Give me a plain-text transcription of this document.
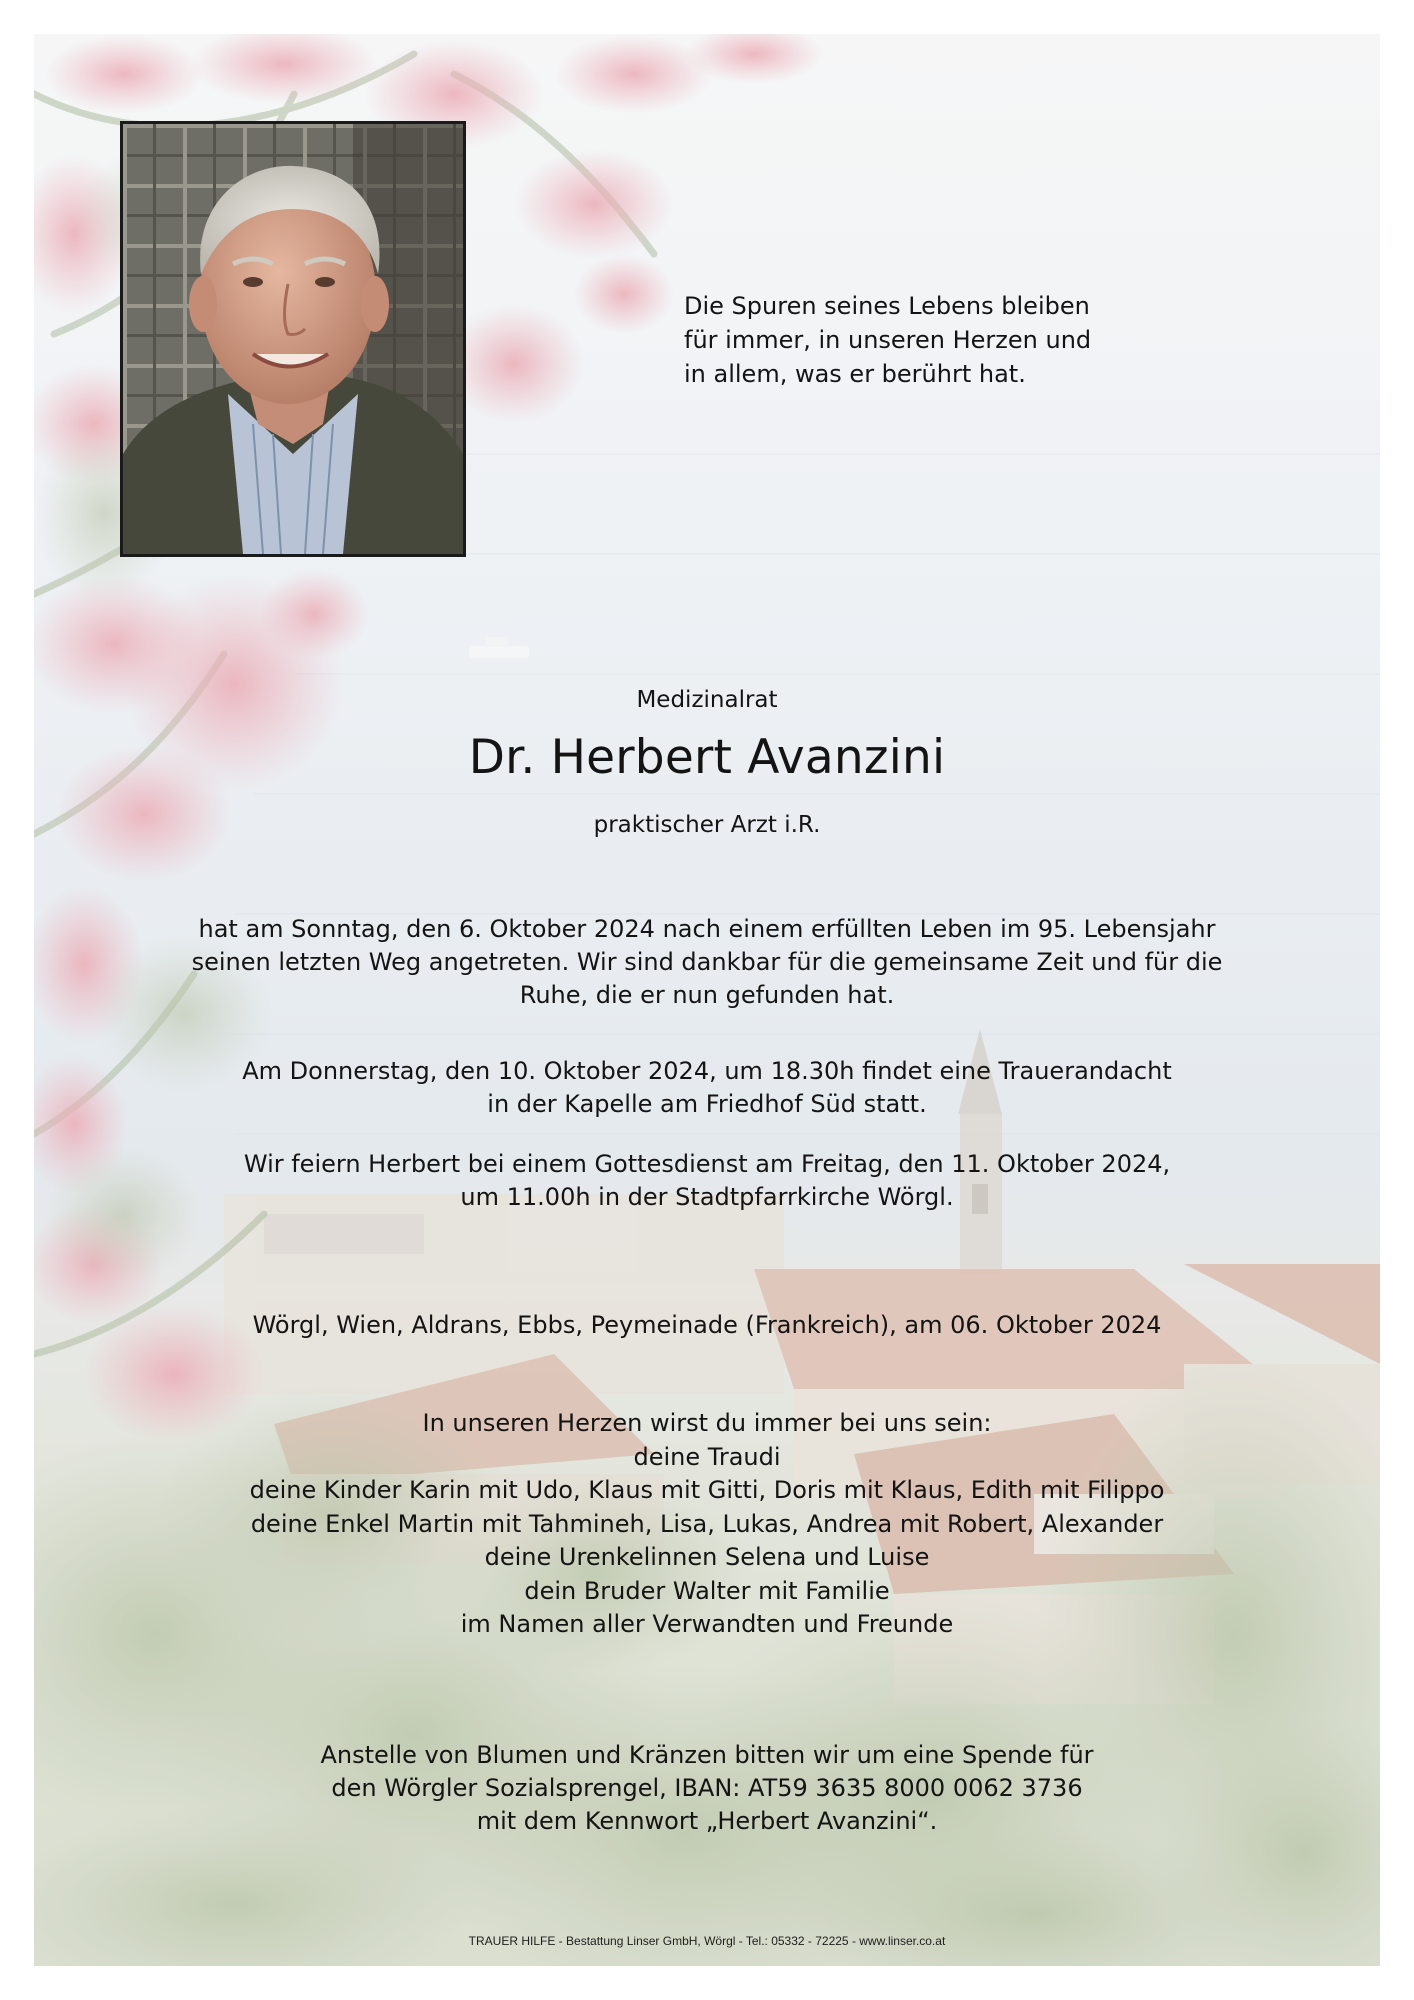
Die Spuren seines Lebens bleiben
für immer, in unseren Herzen und
in allem, was er berührt hat.
Medizinalrat
Dr. Herbert Avanzini
praktischer Arzt i.R.
hat am Sonntag, den 6. Oktober 2024 nach einem erfüllten Leben im 95. Lebensjahr
seinen letzten Weg angetreten. Wir sind dankbar für die gemeinsame Zeit und für die
Ruhe, die er nun gefunden hat.
Am Donnerstag, den 10. Oktober 2024, um 18.30h findet eine Trauerandacht
in der Kapelle am Friedhof Süd statt.
Wir feiern Herbert bei einem Gottesdienst am Freitag, den 11. Oktober 2024,
um 11.00h in der Stadtpfarrkirche Wörgl.
Wörgl, Wien, Aldrans, Ebbs, Peymeinade (Frankreich), am 06. Oktober 2024
In unseren Herzen wirst du immer bei uns sein:
deine Traudi
deine Kinder Karin mit Udo, Klaus mit Gitti, Doris mit Klaus, Edith mit Filippo
deine Enkel Martin mit Tahmineh, Lisa, Lukas, Andrea mit Robert, Alexander
deine Urenkelinnen Selena und Luise
dein Bruder Walter mit Familie
im Namen aller Verwandten und Freunde
Anstelle von Blumen und Kränzen bitten wir um eine Spende für
den Wörgler Sozialsprengel, IBAN: AT59 3635 8000 0062 3736
mit dem Kennwort „Herbert Avanzini“.
TRAUER HILFE - Bestattung Linser GmbH, Wörgl - Tel.: 05332 - 72225 - www.linser.co.at
